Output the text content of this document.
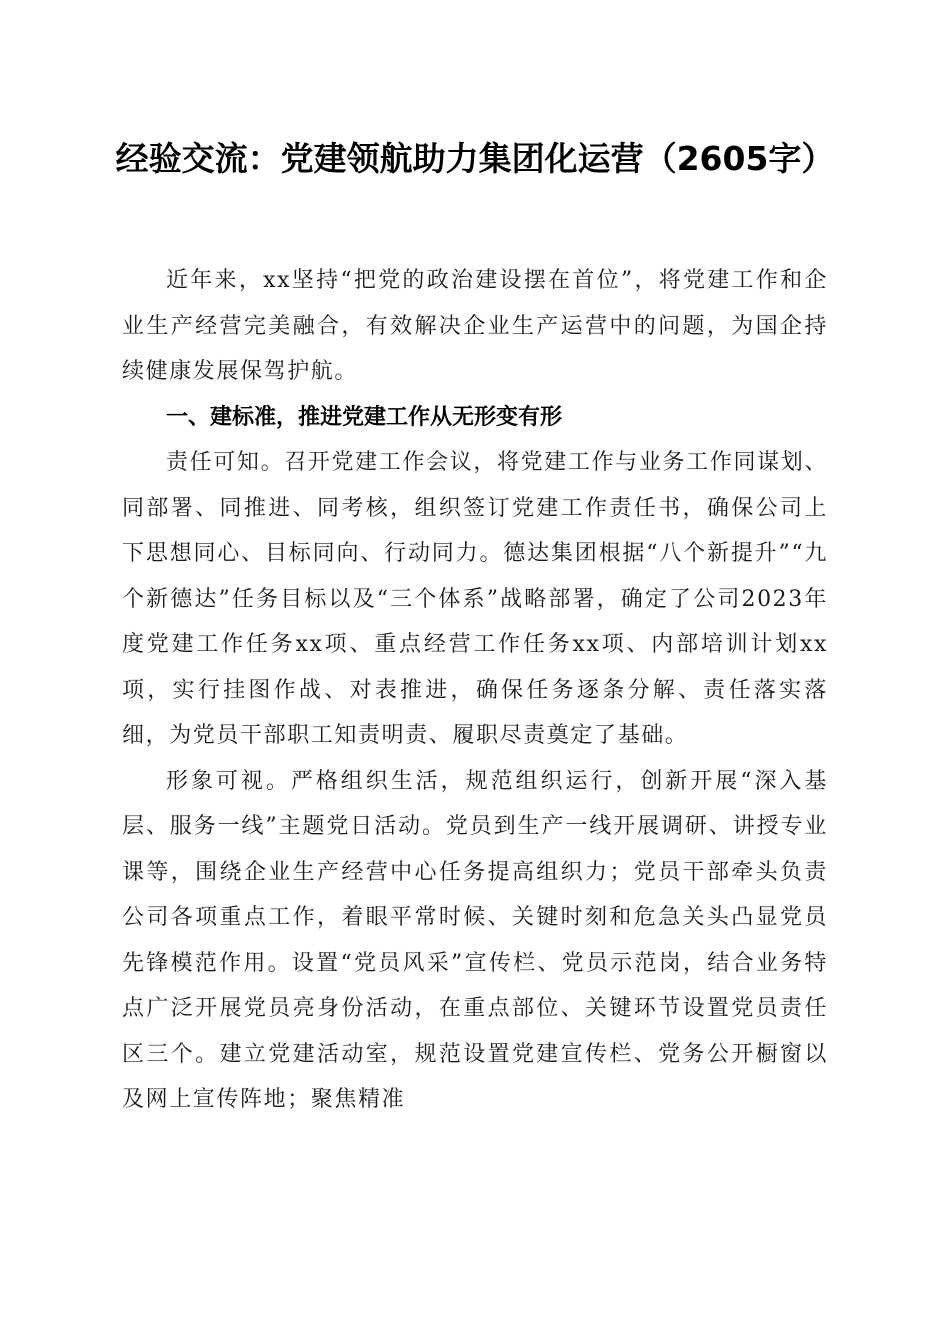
经验交流：党建领航助力集团化运营（2605字）

近年来，xx坚持“把党的政治建设摆在首位”，将党建工作和企业生产经营完美融合，有效解决企业生产运营中的问题，为国企持续健康发展保驾护航。

一、建标准，推进党建工作从无形变有形

责任可知。召开党建工作会议，将党建工作与业务工作同谋划、同部署、同推进、同考核，组织签订党建工作责任书，确保公司上下思想同心、目标同向、行动同力。德达集团根据“八个新提升”“九个新德达”任务目标以及“三个体系”战略部署，确定了公司2023年度党建工作任务xx项、重点经营工作任务xx项、内部培训计划xx项，实行挂图作战、对表推进，确保任务逐条分解、责任落实落细，为党员干部职工知责明责、履职尽责奠定了基础。

形象可视。严格组织生活，规范组织运行，创新开展“深入基层、服务一线”主题党日活动。党员到生产一线开展调研、讲授专业课等，围绕企业生产经营中心任务提高组织力；党员干部牵头负责公司各项重点工作，着眼平常时候、关键时刻和危急关头凸显党员先锋模范作用。设置“党员风采”宣传栏、党员示范岗，结合业务特点广泛开展党员亮身份活动，在重点部位、关键环节设置党员责任区三个。建立党建活动室，规范设置党建宣传栏、党务公开橱窗以及网上宣传阵地；聚焦精准
